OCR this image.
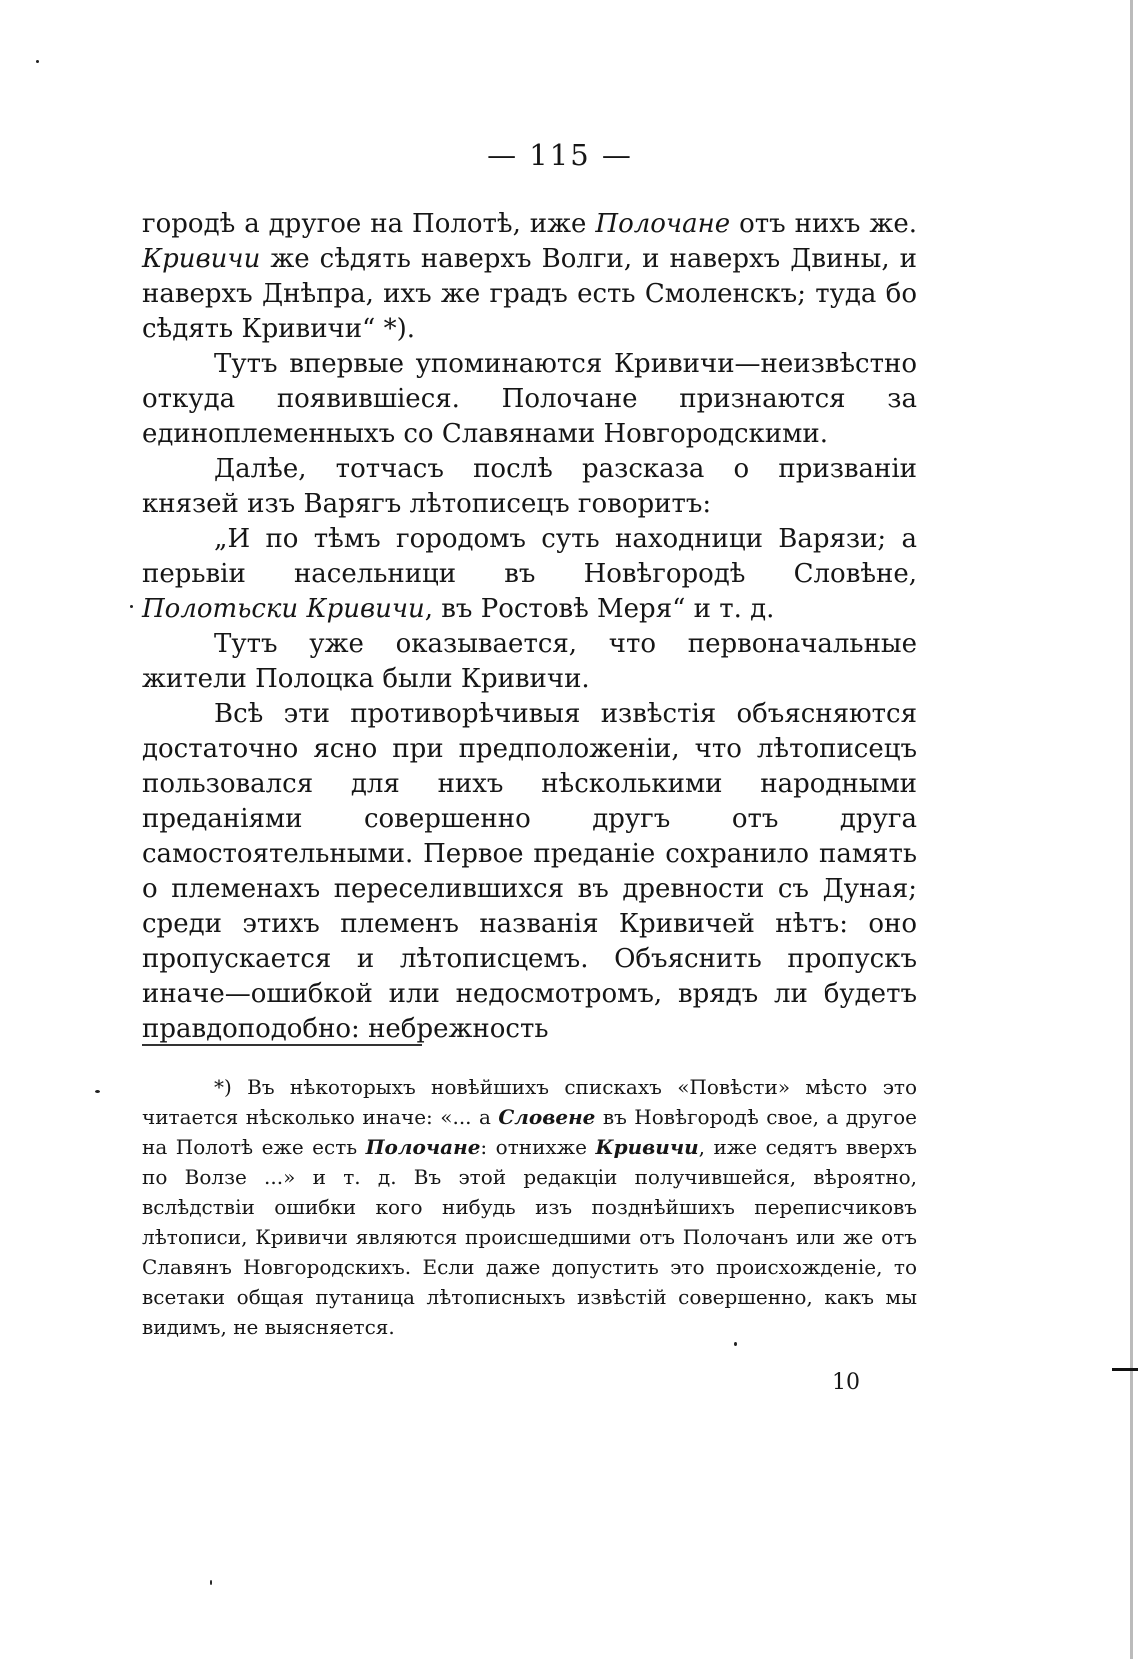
— 115 —

городѣ а другое на Полотѣ, иже Полочане отъ нихъ же. Кривичи же сѣдять наверхъ Волги, и наверхъ Двины, и наверхъ Днѣпра, ихъ же градъ есть Смоленскъ; туда бо сѣдять Кривичи“ *).

Тутъ впервые упоминаются Кривичи—неизвѣстно откуда появившіеся. Полочане признаются за единоплеменныхъ со Славянами Новгородскими.

Далѣе, тотчасъ послѣ разсказа о призваніи князей изъ Варягъ лѣтописецъ говоритъ:

„И по тѣмъ городомъ суть находници Варязи; а перьвіи насельници въ Новѣгородѣ Словѣне, Полотьски Кривичи, въ Ростовѣ Меря“ и т. д.

Тутъ уже оказывается, что первоначальные жители Полоцка были Кривичи.

Всѣ эти противорѣчивыя извѣстія объясняются достаточно ясно при предположеніи, что лѣтописецъ пользовался для нихъ нѣсколькими народными преданіями совершенно другъ отъ друга самостоятельными. Первое преданіе сохранило память о племенахъ переселившихся въ древности съ Дуная; среди этихъ племенъ названія Кривичей нѣтъ: оно пропускается и лѣтописцемъ. Объяснить пропускъ иначе—ошибкой или недосмотромъ, врядъ ли будетъ правдоподобно: небрежность

*) Въ нѣкоторыхъ новѣйшихъ спискахъ «Повѣсти» мѣсто это читается нѣсколько иначе: «... а Словене въ Новѣгородѣ свое, а другое на Полотѣ еже есть Полочане: отнихже Кривичи, иже седятъ вверхъ по Волзе ...» и т. д. Въ этой редакціи получившейся, вѣроятно, вслѣдствіи ошибки кого нибудь изъ позднѣйшихъ переписчиковъ лѣтописи, Кривичи являются происшедшими отъ Полочанъ или же отъ Славянъ Новгородскихъ. Если даже допустить это происхожденіе, то всетаки общая путаница лѣтописныхъ извѣстій совершенно, какъ мы видимъ, не выясняется.

10
